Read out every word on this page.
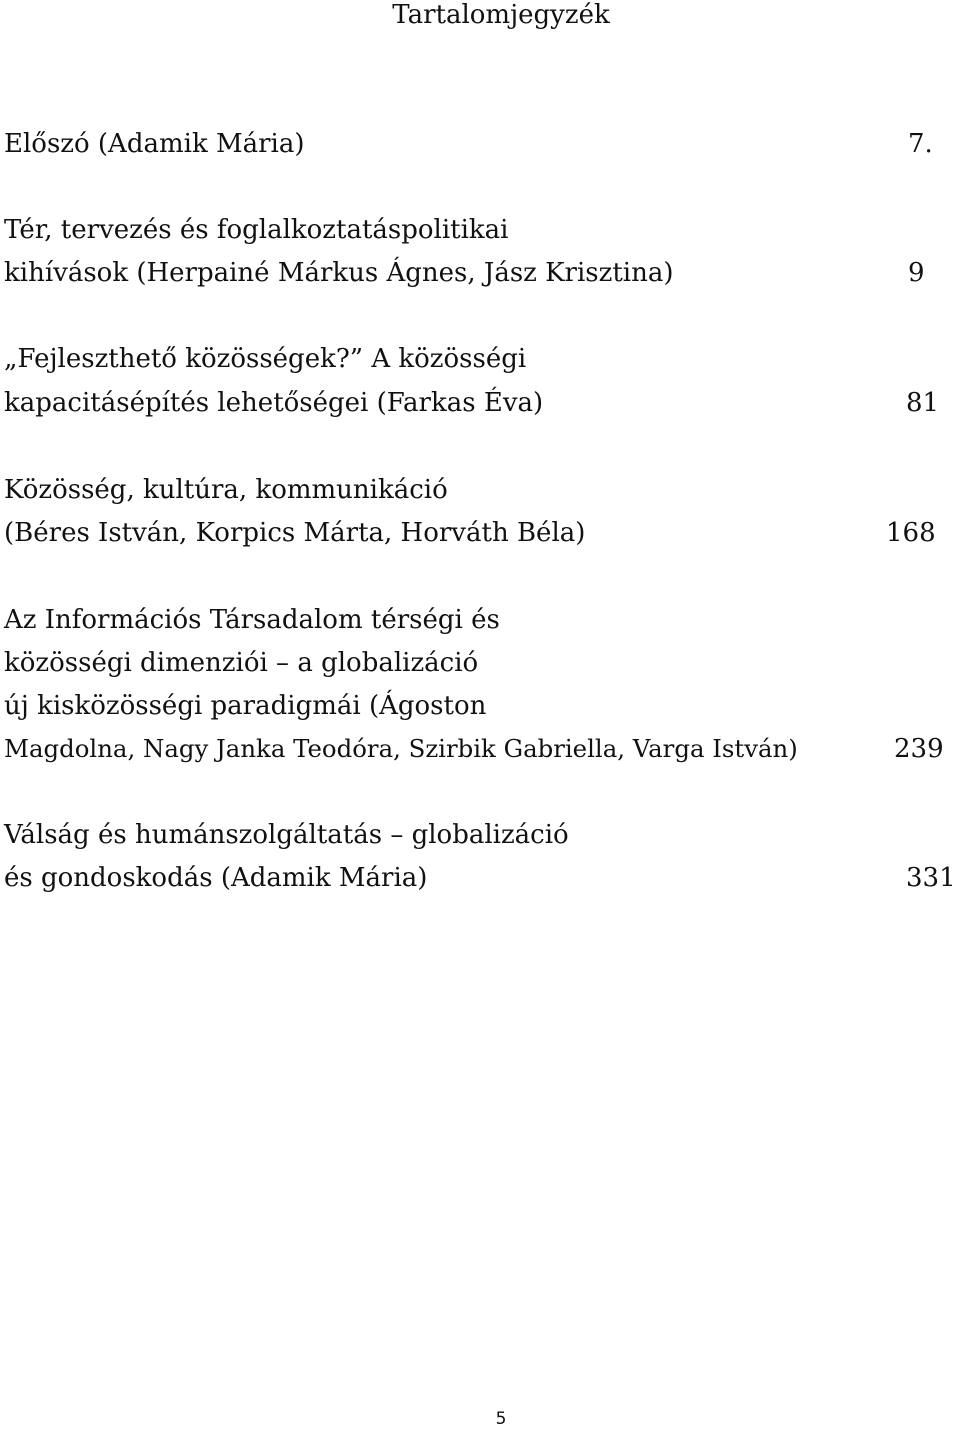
Tartalomjegyzék
Előszó (Adamik Mária)	7.
Tér, tervezés és foglalkoztatáspolitikai
kihívások (Herpainé Márkus Ágnes, Jász Krisztina)	9
„Fejleszthető közösségek?” A közösségi
kapacitásépítés lehetőségei (Farkas Éva)	81
Közösség, kultúra, kommunikáció
(Béres István, Korpics Márta, Horváth Béla)	168
Az Információs Társadalom térségi és
közösségi dimenziói – a globalizáció
új kisközösségi paradigmái (Ágoston
Magdolna, Nagy Janka Teodóra, Szirbik Gabriella, Varga István)	239
Válság és humánszolgáltatás – globalizáció
és gondoskodás (Adamik Mária)	331
5
